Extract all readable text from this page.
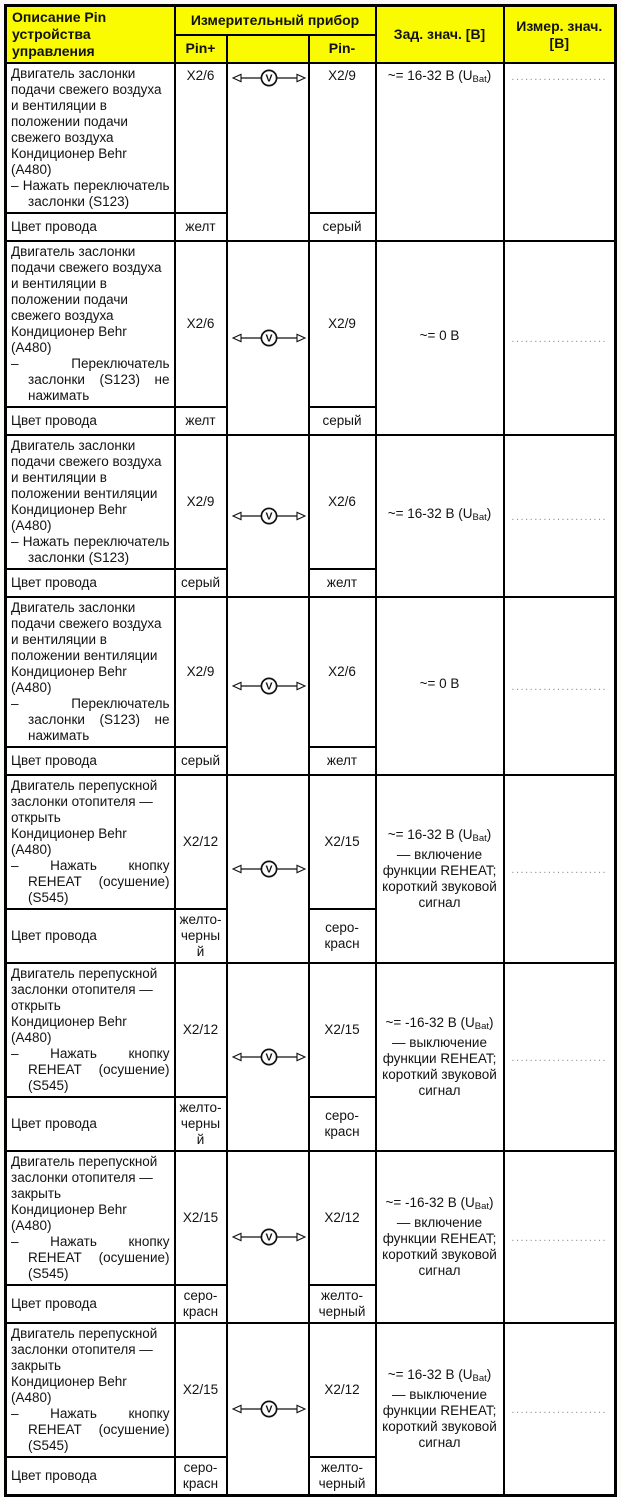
Описание Pin устройства управления	Измерительный прибор			Зад. знач. [В]	Измер. знач. [В]
	Pin+		Pin-		

Двигатель заслонки подачи свежего воздуха и вентиляции в положении подачи свежего воздуха
Кондиционер Behr (A480)
– Нажать переключатель заслонки (S123)	X2/6	V	X2/9	~= 16-32 В $(U_{Bat})$	.....................
Цвет провода	желт		серый		

Двигатель заслонки подачи свежего воздуха и вентиляции в положении подачи свежего воздуха
Кондиционер Behr (A480)
– Переключатель заслонки (S123) не нажимать	X2/6	V	X2/9	~= 0 В	.....................
Цвет провода	желт		серый		

Двигатель заслонки подачи свежего воздуха и вентиляции в положении вентиляции
Кондиционер Behr (A480)
– Нажать переключатель заслонки (S123)	X2/9	V	X2/6	~= 16-32 В $(U_{Bat})$	.....................
Цвет провода	серый		желт		

Двигатель заслонки подачи свежего воздуха и вентиляции в положении вентиляции
Кондиционер Behr (A480)
– Переключатель заслонки (S123) не нажимать	X2/9	V	X2/6	~= 0 В	.....................
Цвет провода	серый		желт		

Двигатель перепускной заслонки отопителя — открыть
Кондиционер Behr (A480)
– Нажать кнопку REHEAT (осушение) (S545)	X2/12	V	X2/15	~= 16-32 В $(U_{Bat})$ — включение функции REHEAT; короткий звуковой сигнал	.....................
Цвет провода	желто-черный		серо-красн		

Двигатель перепускной заслонки отопителя — открыть
Кондиционер Behr (A480)
– Нажать кнопку REHEAT (осушение) (S545)	X2/12	V	X2/15	~= -16-32 В $(U_{Bat})$ — выключение функции REHEAT; короткий звуковой сигнал	.....................
Цвет провода	желто-черный		серо-красн		

Двигатель перепускной заслонки отопителя — закрыть
Кондиционер Behr (A480)
– Нажать кнопку REHEAT (осушение) (S545)	X2/15	V	X2/12	~= -16-32 В $(U_{Bat})$ — включение функции REHEAT; короткий звуковой сигнал	.....................
Цвет провода	серо-красн		желто-черный		

Двигатель перепускной заслонки отопителя — закрыть
Кондиционер Behr (A480)
– Нажать кнопку REHEAT (осушение) (S545)	X2/15	V	X2/12	~= 16-32 В $(U_{Bat})$ — выключение функции REHEAT; короткий звуковой сигнал	.....................
Цвет провода	серо-красн		желто-черный		
